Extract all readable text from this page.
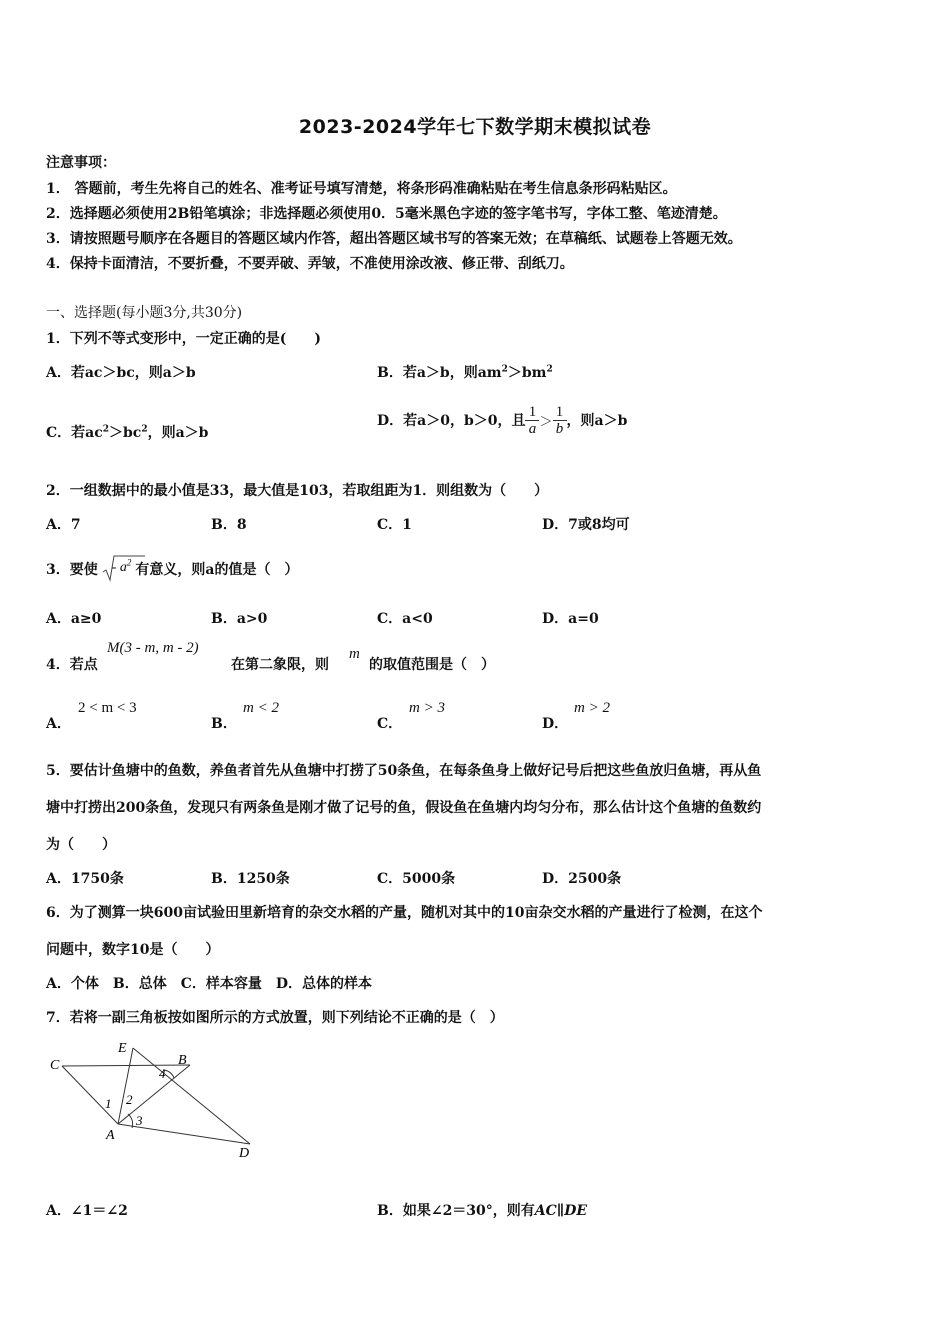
2023-2024学年七下数学期末模拟试卷
注意事项：
1． 答题前，考生先将自己的姓名、准考证号填写清楚，将条形码准确粘贴在考生信息条形码粘贴区。
2．选择题必须使用2B铅笔填涂；非选择题必须使用0．5毫米黑色字迹的签字笔书写，字体工整、笔迹清楚。
3．请按照题号顺序在各题目的答题区域内作答，超出答题区域书写的答案无效；在草稿纸、试题卷上答题无效。
4．保持卡面清洁，不要折叠，不要弄破、弄皱，不准使用涂改液、修正带、刮纸刀。
一、选择题(每小题3分,共30分)
1．下列不等式变形中，一定正确的是(　　)
A．若ac＞bc，则a＞b	B．若a＞b，则$am^2>bm^2$
C．若$ac^2>bc^2$，则a＞b
D．若a＞0，b＞0，且 $\frac{1}{a} > \frac{1}{b}$ ，则a＞b
2．一组数据中的最小值是33，最大值是103，若取组距为1．则组数为（　　）
A．7	B．8	C．1	D．7或8均可
3．要使	- $a^2$ 有意义，则a的值是（　）
A．a≥0	B．a>0	C．a<0	D．a=0
4．若点
M(3 - m, m - 2)
在第二象限，则
m
的取值范围是（　）
A．
2 < m < 3
B．
m < 2
C．
m > 3
D．
m > 2
5．要估计鱼塘中的鱼数，养鱼者首先从鱼塘中打捞了50条鱼，在每条鱼身上做好记号后把这些鱼放归鱼塘，再从鱼
塘中打捞出200条鱼，发现只有两条鱼是刚才做了记号的鱼，假设鱼在鱼塘内均匀分布，那么估计这个鱼塘的鱼数约
为（　　）
A．1750条	B．1250条	C．5000条	D．2500条
6．为了测算一块600亩试验田里新培育的杂交水稻的产量，随机对其中的10亩杂交水稻的产量进行了检测，在这个
问题中，数字10是（　　）
A．个体　B．总体　C．样本容量　D．总体的样本
7．若将一副三角板按如图所示的方式放置，则下列结论不正确的是（　）
C
E
B
A
D
1 2
3
4
A．∠1＝∠2	B．如果∠2＝30°，则有AC∥DE
